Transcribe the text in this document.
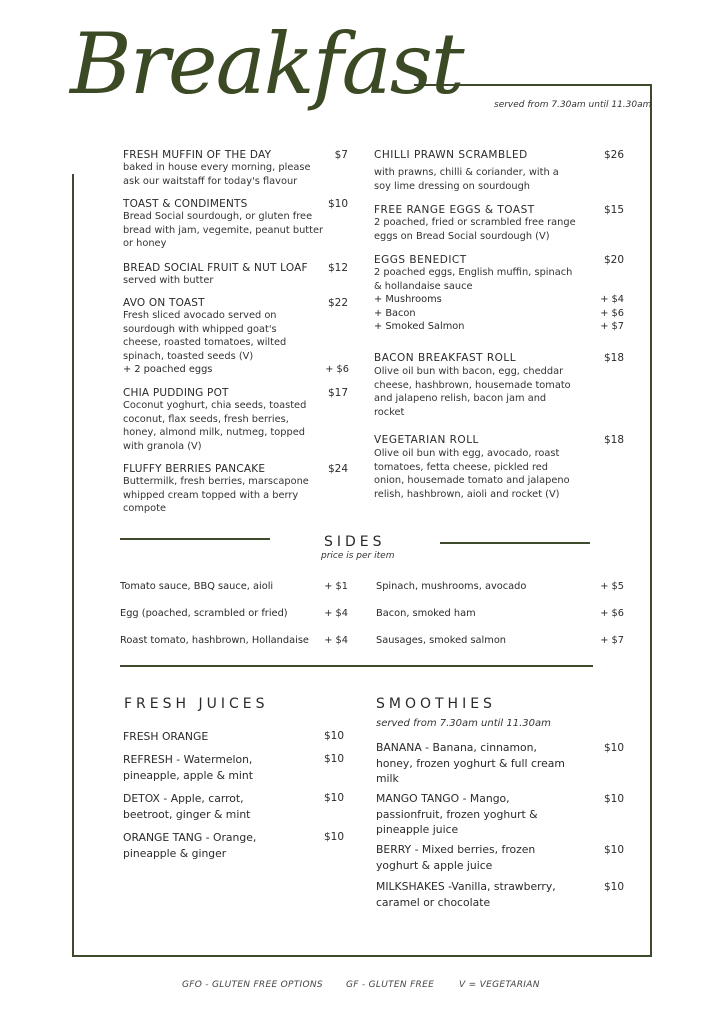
Breakfast	served from 7.30am until 11.30am
FRESH MUFFIN OF THE DAY
baked in house every morning, please
ask our waitstaff for today's flavour
$7
TOAST & CONDIMENTS
Bread Social sourdough, or gluten free
bread with jam, vegemite, peanut butter
or honey
$10
BREAD SOCIAL FRUIT & NUT LOAF
served with butter
$12
AVO ON TOAST
Fresh sliced avocado served on
sourdough with whipped goat's
cheese, roasted tomatoes, wilted
spinach, toasted seeds (V)
+ 2 poached eggs	+ $6
$22
CHIA PUDDING POT
Coconut yoghurt, chia seeds, toasted
coconut, flax seeds, fresh berries,
honey, almond milk, nutmeg, topped
with granola (V)
$17
FLUFFY BERRIES PANCAKE
Buttermilk, fresh berries, marscapone
whipped cream topped with a berry
compote
$24
CHILLI PRAWN SCRAMBLED
with prawns, chilli & coriander, with a
soy lime dressing on sourdough
$26
FREE RANGE EGGS & TOAST
2 poached, fried or scrambled free range
eggs on Bread Social sourdough (V)
$15
EGGS BENEDICT
2 poached eggs, English muffin, spinach
& hollandaise sauce
+ Mushrooms	+ $4
+ Bacon	+ $6
+ Smoked Salmon	+ $7
$20
BACON BREAKFAST ROLL
Olive oil bun with bacon, egg, cheddar
cheese, hashbrown, housemade tomato
and jalapeno relish, bacon jam and
rocket
$18
VEGETARIAN ROLL
Olive oil bun with egg, avocado, roast
tomatoes, fetta cheese, pickled red
onion, housemade tomato and jalapeno
relish, hashbrown, aioli and rocket (V)
$18
SIDES
price is per item
Tomato sauce, BBQ sauce, aioli	+ $1
Egg (poached, scrambled or fried)	+ $4
Roast tomato, hashbrown, Hollandaise	+ $4
Spinach, mushrooms, avocado	+ $5
Bacon, smoked ham	+ $6
Sausages, smoked salmon	+ $7
FRESH JUICES
FRESH ORANGE	$10
REFRESH - Watermelon,
pineapple, apple & mint
$10
DETOX - Apple, carrot,
beetroot, ginger & mint
$10
ORANGE TANG - Orange,
pineapple & ginger
$10
SMOOTHIES
served from 7.30am until 11.30am
BANANA - Banana, cinnamon,
honey, frozen yoghurt & full cream
milk
$10
MANGO TANGO - Mango,
passionfruit, frozen yoghurt &
pineapple juice
$10
BERRY - Mixed berries, frozen
yoghurt & apple juice
$10
MILKSHAKES -Vanilla, strawberry,
caramel or chocolate
$10
GFO - GLUTEN FREE OPTIONS	GF - GLUTEN FREE	V = VEGETARIAN
